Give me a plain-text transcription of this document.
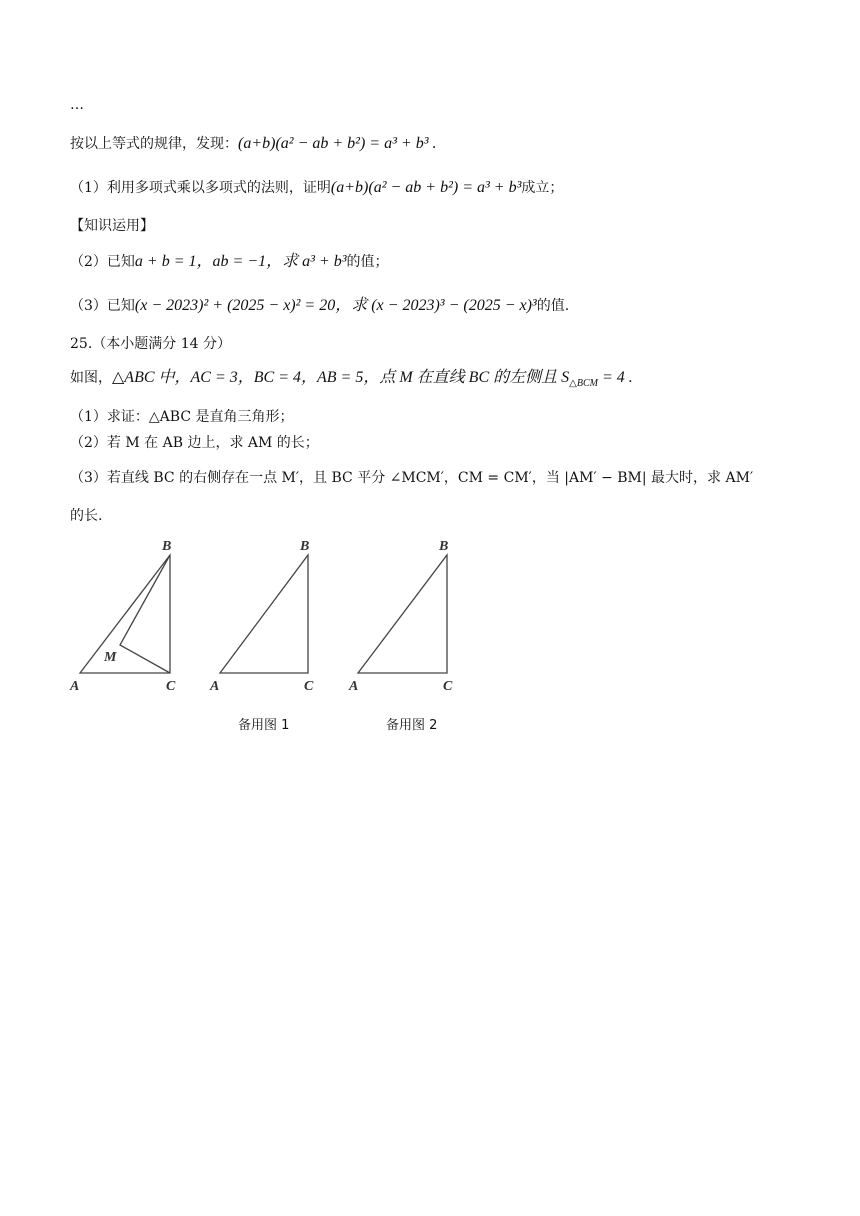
…
按以上等式的规律，发现：(a+b)(a² − ab + b²) = a³ + b³ .
（1）利用多项式乘以多项式的法则，证明(a+b)(a² − ab + b²) = a³ + b³成立；
【知识运用】
（2）已知a + b = 1，ab = −1，求 a³ + b³的值；
（3）已知(x − 2023)² + (2025 − x)² = 20，求 (x − 2023)³ − (2025 − x)³的值.
25.（本小题满分 14 分）
如图，△ABC 中，AC = 3，BC = 4，AB = 5，点 M 在直线 BC 的左侧且 $S_{\triangle BCM} = 4$ .
（1）求证：△ABC 是直角三角形；
（2）若 M 在 AB 边上，求 AM 的长；
（3）若直线 BC 的右侧存在一点 M′，且 BC 平分 ∠MCM′，CM = CM′，当 |AM′ − BM| 最大时，求 AM′
的长.
B
A	C
M
B
A	C
B
A	C
备用图 1	备用图 2
